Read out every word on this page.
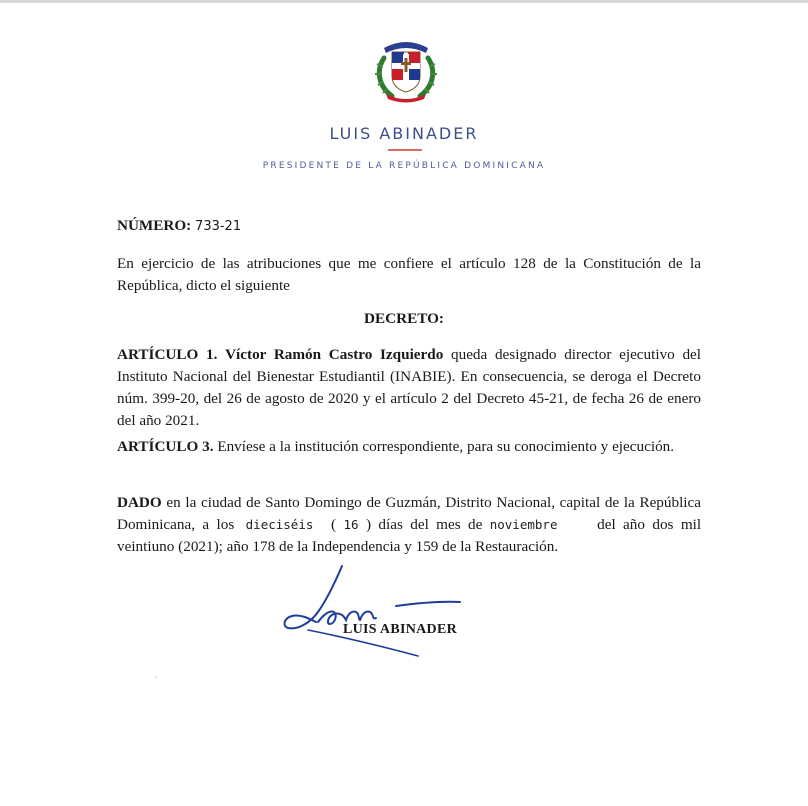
LUIS ABINADER
PRESIDENTE DE LA REPÚBLICA DOMINICANA
NÚMERO: 733-21
En ejercicio de las atribuciones que me confiere el artículo 128 de la Constitución de la República, dicto el siguiente
DECRETO:
ARTÍCULO 1. Víctor Ramón Castro Izquierdo queda designado director ejecutivo del Instituto Nacional del Bienestar Estudiantil (INABIE). En consecuencia, se deroga el Decreto núm. 399-20, del 26 de agosto de 2020 y el artículo 2 del Decreto 45-21, de fecha 26 de enero del año 2021.
ARTÍCULO 3. Envíese a la institución correspondiente, para su conocimiento y ejecución.
DADO en la ciudad de Santo Domingo de Guzmán, Distrito Nacional, capital de la República Dominicana, a los dieciséis ( 16 ) días del mes de noviembre	del año dos mil veintiuno (2021); año 178 de la Independencia y 159 de la Restauración.
LUIS ABINADER
